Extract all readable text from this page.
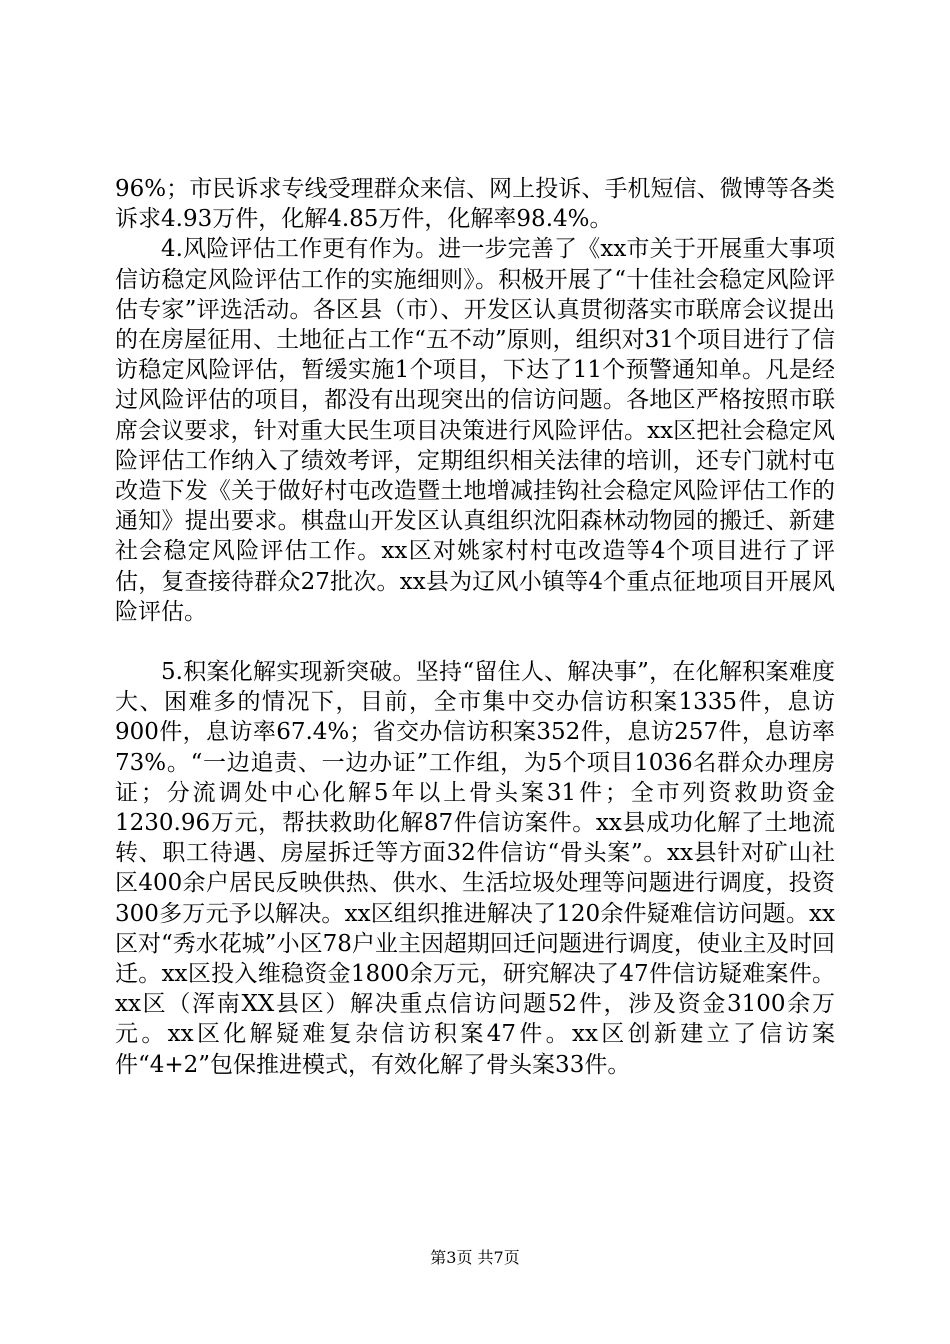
96%；市民诉求专线受理群众来信、网上投诉、手机短信、微博等各类诉求4.93万件，化解4.85万件，化解率98.4%。

4.风险评估工作更有作为。进一步完善了《xx市关于开展重大事项信访稳定风险评估工作的实施细则》。积极开展了“十佳社会稳定风险评估专家”评选活动。各区县（市）、开发区认真贯彻落实市联席会议提出的在房屋征用、土地征占工作“五不动”原则，组织对31个项目进行了信访稳定风险评估，暂缓实施1个项目，下达了11个预警通知单。凡是经过风险评估的项目，都没有出现突出的信访问题。各地区严格按照市联席会议要求，针对重大民生项目决策进行风险评估。xx区把社会稳定风险评估工作纳入了绩效考评，定期组织相关法律的培训，还专门就村屯改造下发《关于做好村屯改造暨土地增减挂钩社会稳定风险评估工作的通知》提出要求。棋盘山开发区认真组织沈阳森林动物园的搬迁、新建社会稳定风险评估工作。xx区对姚家村村屯改造等4个项目进行了评估，复查接待群众27批次。xx县为辽风小镇等4个重点征地项目开展风险评估。

5.积案化解实现新突破。坚持“留住人、解决事”，在化解积案难度大、困难多的情况下，目前，全市集中交办信访积案1335件，息访900件，息访率67.4%；省交办信访积案352件，息访257件，息访率73%。“一边追责、一边办证”工作组，为5个项目1036名群众办理房证；分流调处中心化解5年以上骨头案31件；全市列资救助资金1230.96万元，帮扶救助化解87件信访案件。xx县成功化解了土地流转、职工待遇、房屋拆迁等方面32件信访“骨头案”。xx县针对矿山社区400余户居民反映供热、供水、生活垃圾处理等问题进行调度，投资300多万元予以解决。xx区组织推进解决了120余件疑难信访问题。xx区对“秀水花城”小区78户业主因超期回迁问题进行调度，使业主及时回迁。xx区投入维稳资金1800余万元，研究解决了47件信访疑难案件。xx区（浑南XX县区）解决重点信访问题52件，涉及资金3100余万元。xx区化解疑难复杂信访积案47件。xx区创新建立了信访案件“4+2”包保推进模式，有效化解了骨头案33件。

第3页 共7页
